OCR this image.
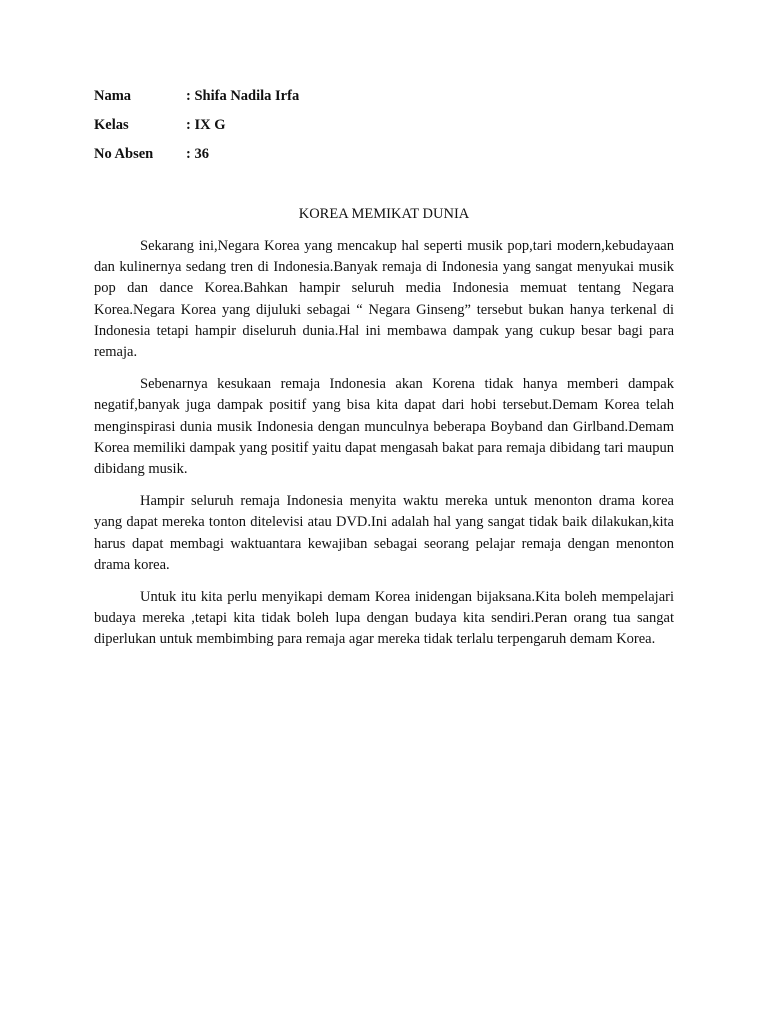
Nama	: Shifa Nadila Irfa
Kelas	: IX G
No Absen : 36
KOREA MEMIKAT DUNIA

Sekarang ini,Negara Korea yang mencakup hal seperti musik pop,tari modern,kebudayaan dan kulinernya sedang tren di Indonesia.Banyak remaja di Indonesia yang sangat menyukai musik pop dan dance Korea.Bahkan hampir seluruh media Indonesia memuat tentang Negara Korea.Negara Korea yang dijuluki sebagai “ Negara Ginseng” tersebut bukan hanya terkenal di Indonesia tetapi hampir diseluruh dunia.Hal ini membawa dampak yang cukup besar bagi para remaja.

Sebenarnya kesukaan remaja Indonesia akan Korena tidak hanya memberi dampak negatif,banyak juga dampak positif yang bisa kita dapat dari hobi tersebut.Demam Korea telah menginspirasi dunia musik Indonesia dengan munculnya beberapa Boyband dan Girlband.Demam Korea memiliki dampak yang positif yaitu dapat mengasah bakat para remaja dibidang tari maupun dibidang musik.

Hampir seluruh remaja Indonesia menyita waktu mereka untuk menonton drama korea yang dapat mereka tonton ditelevisi atau DVD.Ini adalah hal yang sangat tidak baik dilakukan,kita harus dapat membagi waktuantara kewajiban sebagai seorang pelajar remaja dengan menonton drama korea.

Untuk itu kita perlu menyikapi demam Korea inidengan bijaksana.Kita boleh mempelajari budaya mereka ,tetapi kita tidak boleh lupa dengan budaya kita sendiri.Peran orang tua sangat diperlukan untuk membimbing para remaja agar mereka tidak terlalu terpengaruh demam Korea.
